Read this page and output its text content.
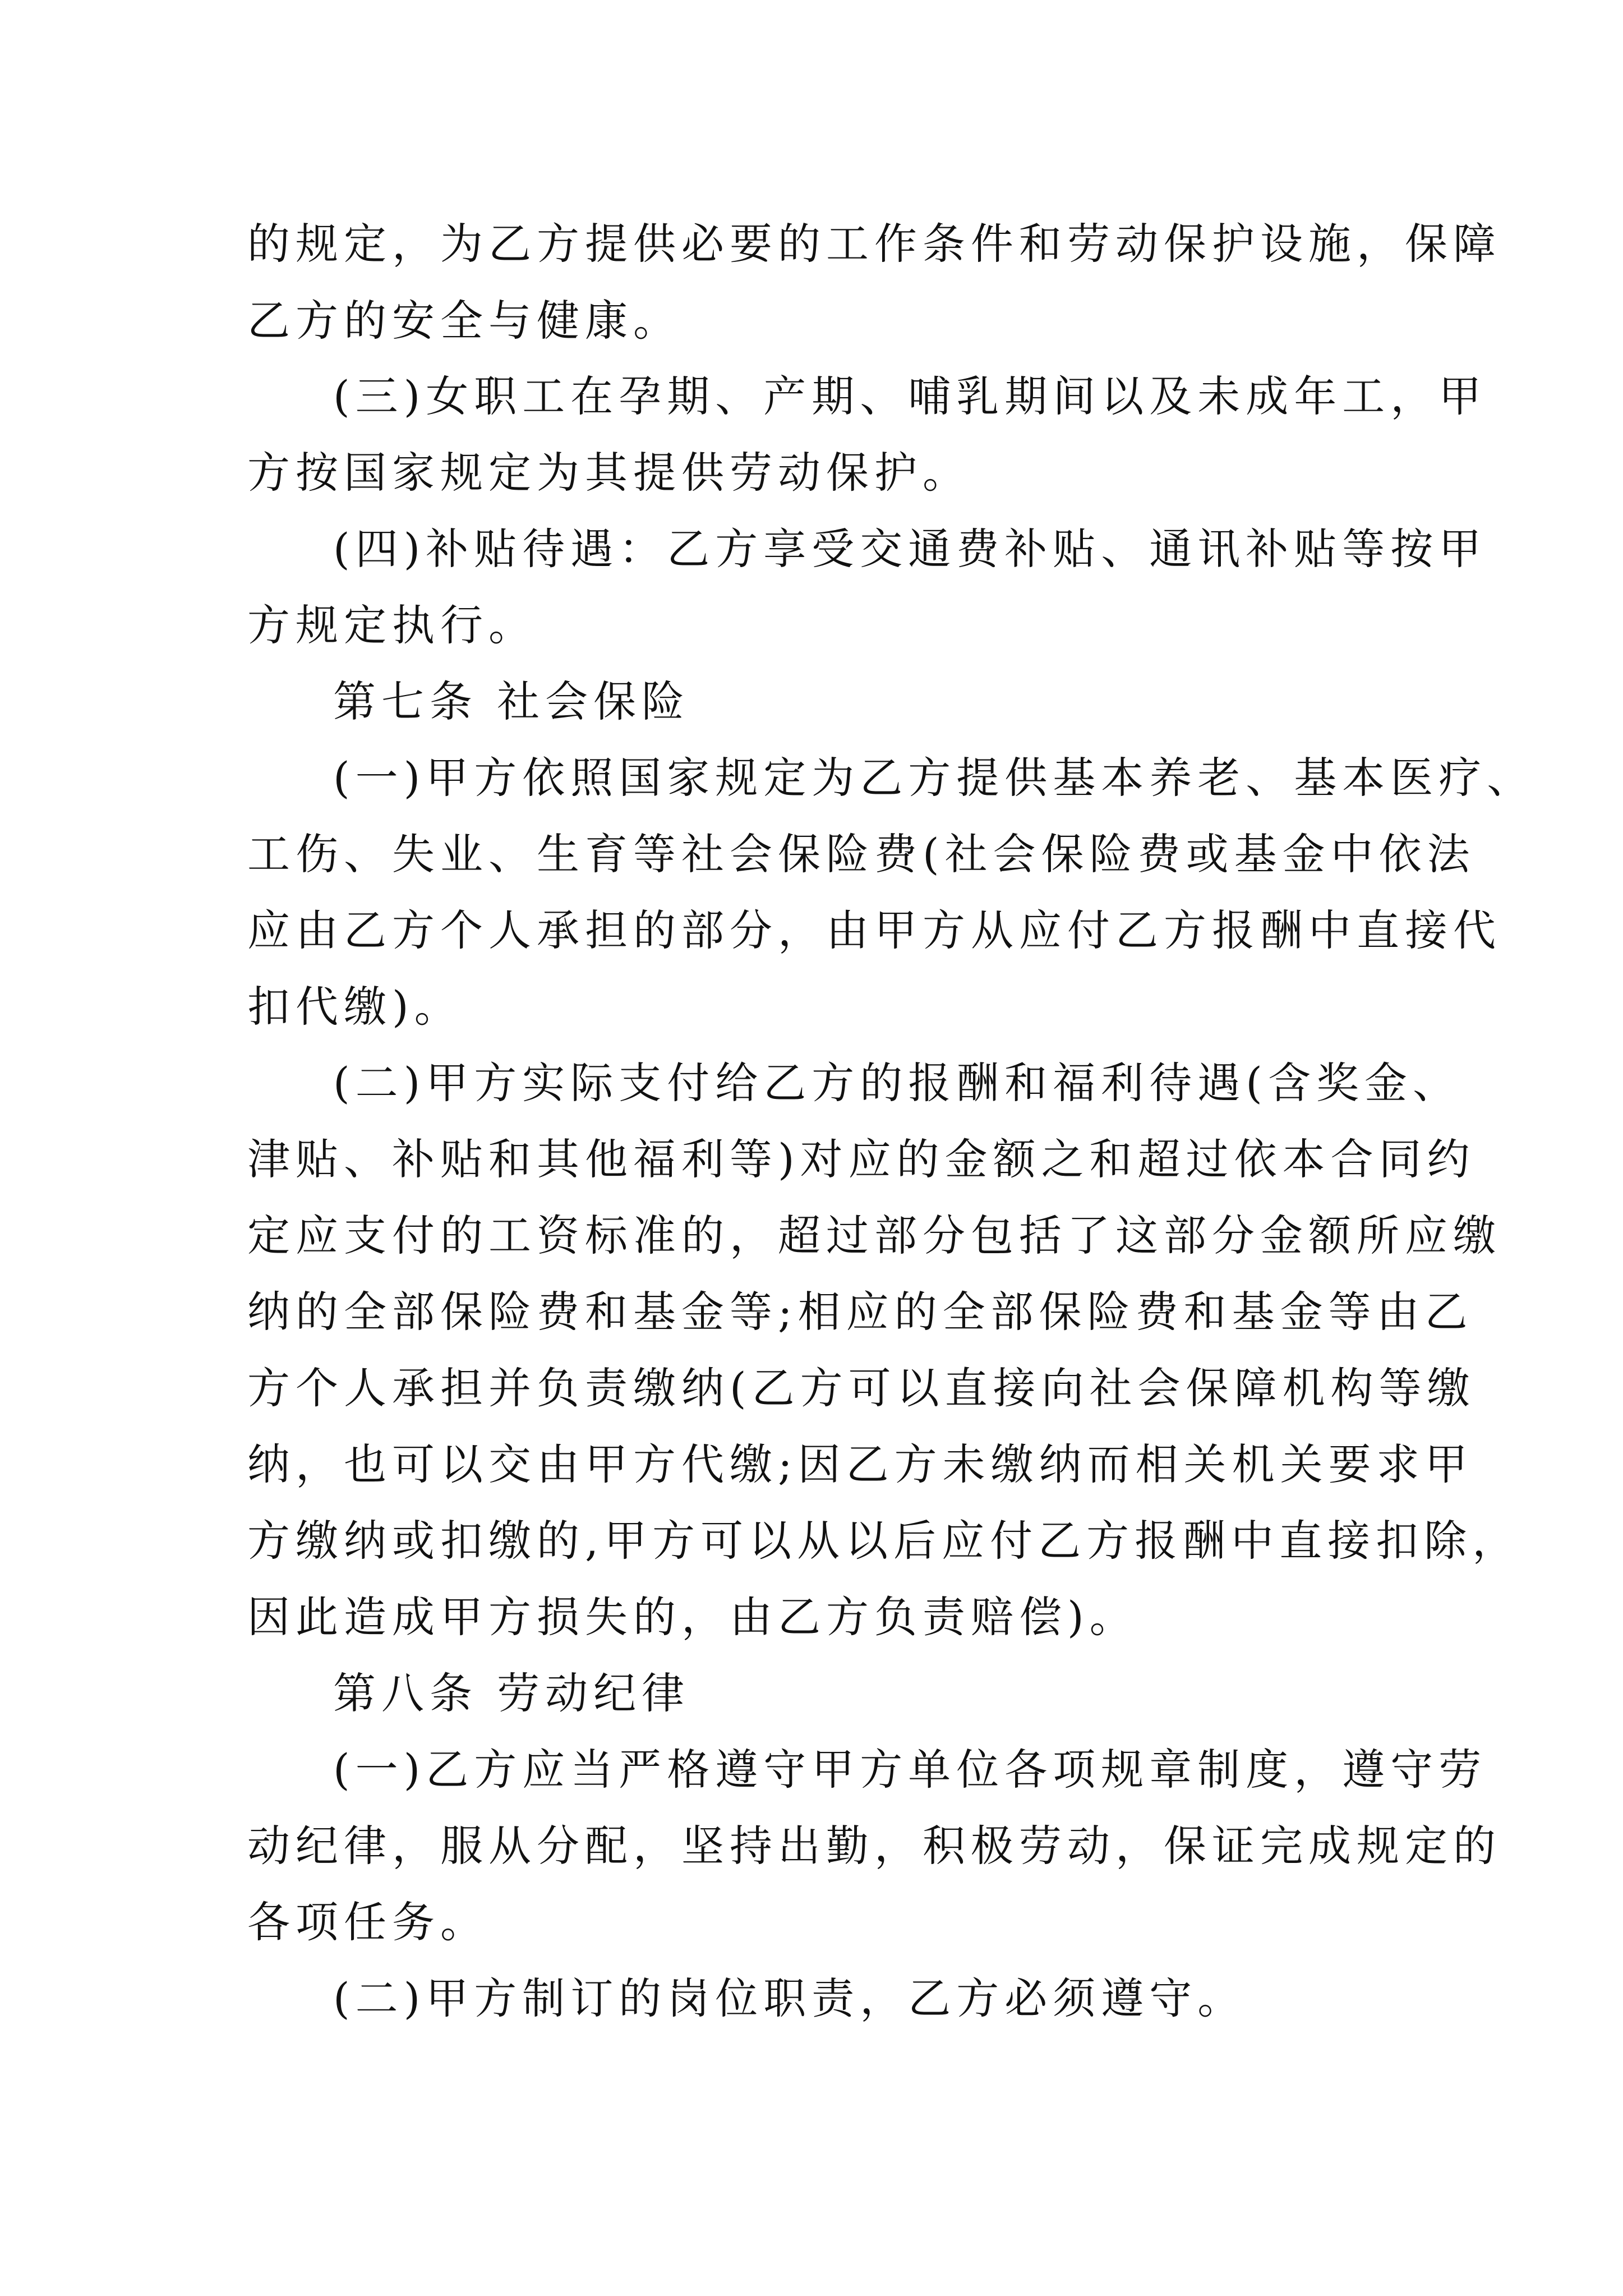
的规定，为乙方提供必要的工作条件和劳动保护设施，保障
乙方的安全与健康。
(三)女职工在孕期、产期、哺乳期间以及未成年工，甲
方按国家规定为其提供劳动保护。
(四)补贴待遇：乙方享受交通费补贴、通讯补贴等按甲
方规定执行。
第七条 社会保险
(一)甲方依照国家规定为乙方提供基本养老、基本医疗、
工伤、失业、生育等社会保险费(社会保险费或基金中依法
应由乙方个人承担的部分，由甲方从应付乙方报酬中直接代
扣代缴)。
(二)甲方实际支付给乙方的报酬和福利待遇(含奖金、
津贴、补贴和其他福利等)对应的金额之和超过依本合同约
定应支付的工资标准的，超过部分包括了这部分金额所应缴
纳的全部保险费和基金等;相应的全部保险费和基金等由乙
方个人承担并负责缴纳(乙方可以直接向社会保障机构等缴
纳，也可以交由甲方代缴;因乙方未缴纳而相关机关要求甲
方缴纳或扣缴的,甲方可以从以后应付乙方报酬中直接扣除，
因此造成甲方损失的，由乙方负责赔偿)。
第八条 劳动纪律
(一)乙方应当严格遵守甲方单位各项规章制度，遵守劳
动纪律，服从分配，坚持出勤，积极劳动，保证完成规定的
各项任务。
(二)甲方制订的岗位职责，乙方必须遵守。
